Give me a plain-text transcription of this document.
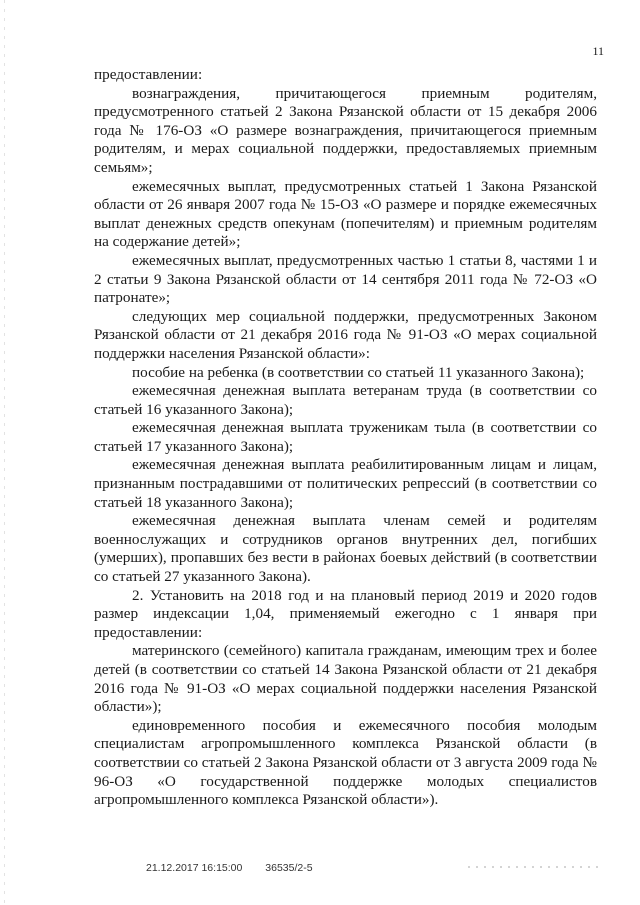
11

предоставлении:

вознаграждения, причитающегося приемным родителям, предусмотренного статьей 2 Закона Рязанской области от 15 декабря 2006 года № 176-ОЗ «О размере вознаграждения, причитающегося приемным родителям, и мерах социальной поддержки, предоставляемых приемным семьям»;

ежемесячных выплат, предусмотренных статьей 1 Закона Рязанской области от 26 января 2007 года № 15-ОЗ «О размере и порядке ежемесячных выплат денежных средств опекунам (попечителям) и приемным родителям на содержание детей»;

ежемесячных выплат, предусмотренных частью 1 статьи 8, частями 1 и 2 статьи 9 Закона Рязанской области от 14 сентября 2011 года № 72-ОЗ «О патронате»;

следующих мер социальной поддержки, предусмотренных Законом Рязанской области от 21 декабря 2016 года № 91-ОЗ «О мерах социальной поддержки населения Рязанской области»:

пособие на ребенка (в соответствии со статьей 11 указанного Закона);

ежемесячная денежная выплата ветеранам труда (в соответствии со статьей 16 указанного Закона);

ежемесячная денежная выплата труженикам тыла (в соответствии со статьей 17 указанного Закона);

ежемесячная денежная выплата реабилитированным лицам и лицам, признанным пострадавшими от политических репрессий (в соответствии со статьей 18 указанного Закона);

ежемесячная денежная выплата членам семей и родителям военнослужащих и сотрудников органов внутренних дел, погибших (умерших), пропавших без вести в районах боевых действий (в соответствии со статьей 27 указанного Закона).

2. Установить на 2018 год и на плановый период 2019 и 2020 годов размер индексации 1,04, применяемый ежегодно с 1 января при предоставлении:

материнского (семейного) капитала гражданам, имеющим трех и более детей (в соответствии со статьей 14 Закона Рязанской области от 21 декабря 2016 года № 91-ОЗ «О мерах социальной поддержки населения Рязанской области»);

единовременного пособия и ежемесячного пособия молодым специалистам агропромышленного комплекса Рязанской области (в соответствии со статьей 2 Закона Рязанской области от 3 августа 2009 года № 96-ОЗ «О государственной поддержке молодых специалистов агропромышленного комплекса Рязанской области»).

21.12.2017 16:15:00 36535/2-5
